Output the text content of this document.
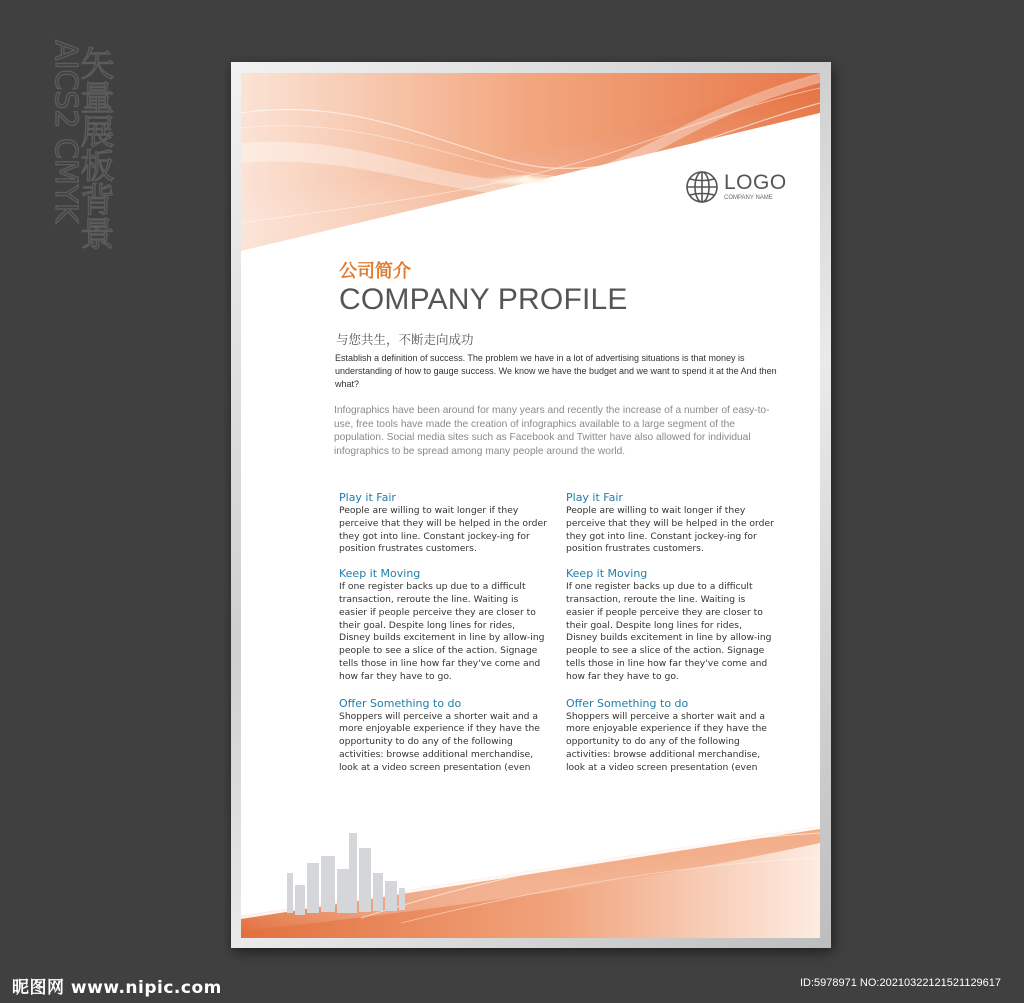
矢量展板背景
AICS2 CMYK	LOGO
COMPANY NAME
公司简介
COMPANY PROFILE
与您共生，不断走向成功
Establish a definition of success. The problem we have in a lot of advertising situations is that money is understanding of how to gauge success. We know we have the budget and we want to spend it at the And then what?
Infographics have been around for many years and recently the increase of a number of easy-to-use, free tools have made the creation of infographics available to a large segment of the population. Social media sites such as Facebook and Twitter have also allowed for individual infographics to be spread among many people around the world.

Play it Fair

People are willing to wait longer if they perceive that they will be helped in the order they got into line. Constant jockey-ing for position frustrates customers.

Keep it Moving

If one register backs up due to a difficult transaction, reroute the line. Waiting is easier if people perceive they are closer to their goal. Despite long lines for rides, Disney builds excitement in line by allow-ing people to see a slice of the action. Signage tells those in line how far they've come and how far they have to go.

Offer Something to do

Shoppers will perceive a shorter wait and a more enjoyable experience if they have the opportunity to do any of the following activities: browse additional merchandise, look at a video screen presentation (even

Play it Fair

People are willing to wait longer if they perceive that they will be helped in the order they got into line. Constant jockey-ing for position frustrates customers.

Keep it Moving

If one register backs up due to a difficult transaction, reroute the line. Waiting is easier if people perceive they are closer to their goal. Despite long lines for rides, Disney builds excitement in line by allow-ing people to see a slice of the action. Signage tells those in line how far they've come and how far they have to go.

Offer Something to do

Shoppers will perceive a shorter wait and a more enjoyable experience if they have the opportunity to do any of the following activities: browse additional merchandise, look at a video screen presentation (even

昵图网 www.nipic.com	ID:5978971 NO:20210322121521129617
